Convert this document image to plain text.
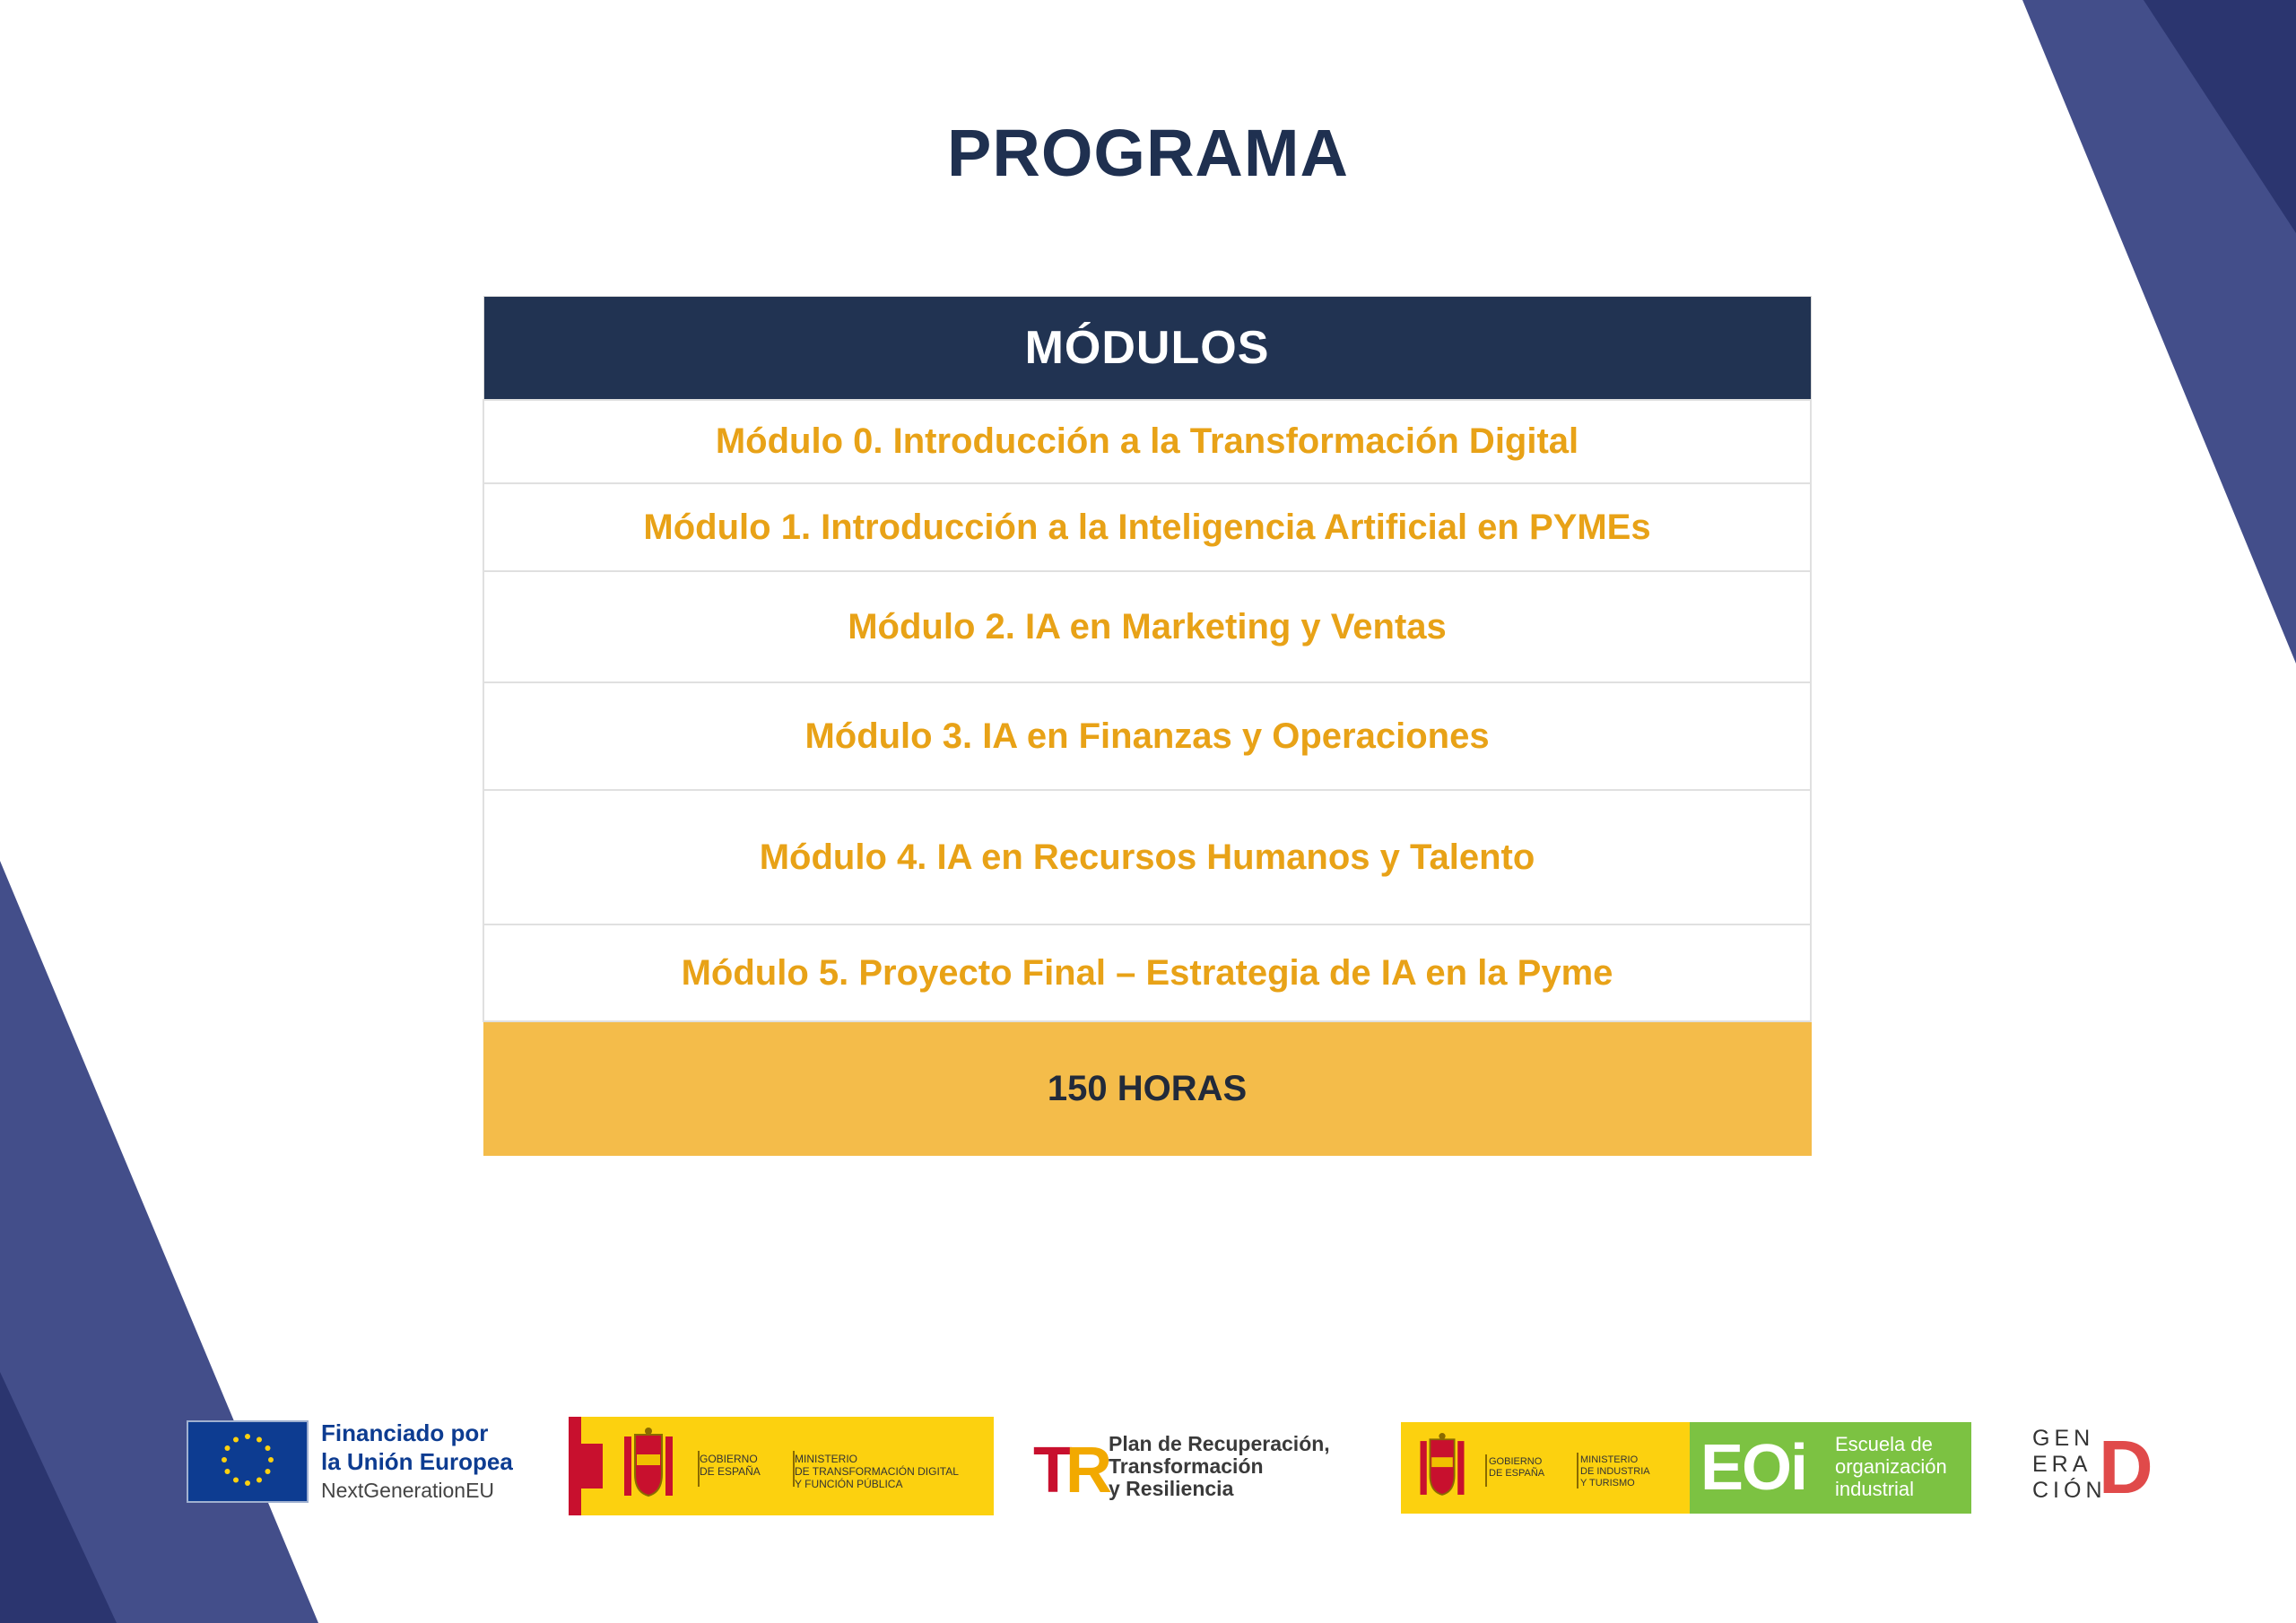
PROGRAMA
MÓDULOS
Módulo 0. Introducción a la Transformación Digital
Módulo 1. Introducción a la Inteligencia Artificial en PYMEs
Módulo 2. IA en Marketing y Ventas
Módulo 3. IA en Finanzas y Operaciones
Módulo 4. IA en Recursos Humanos y Talento
Módulo 5. Proyecto Final – Estrategia de IA en la Pyme
150 HORAS
Financiado por
la Unión Europea
NextGenerationEU
GOBIERNO
DE ESPAÑA
MINISTERIO
DE TRANSFORMACIÓN DIGITAL
Y FUNCIÓN PÚBLICA	TR Plan de Recuperación,
Transformación
y Resiliencia
GOBIERNO
DE ESPAÑA
MINISTERIO
DE INDUSTRIA
Y TURISMO EOi Escuela de
organización
industrial
GEN
ERA
CIÓN
D
